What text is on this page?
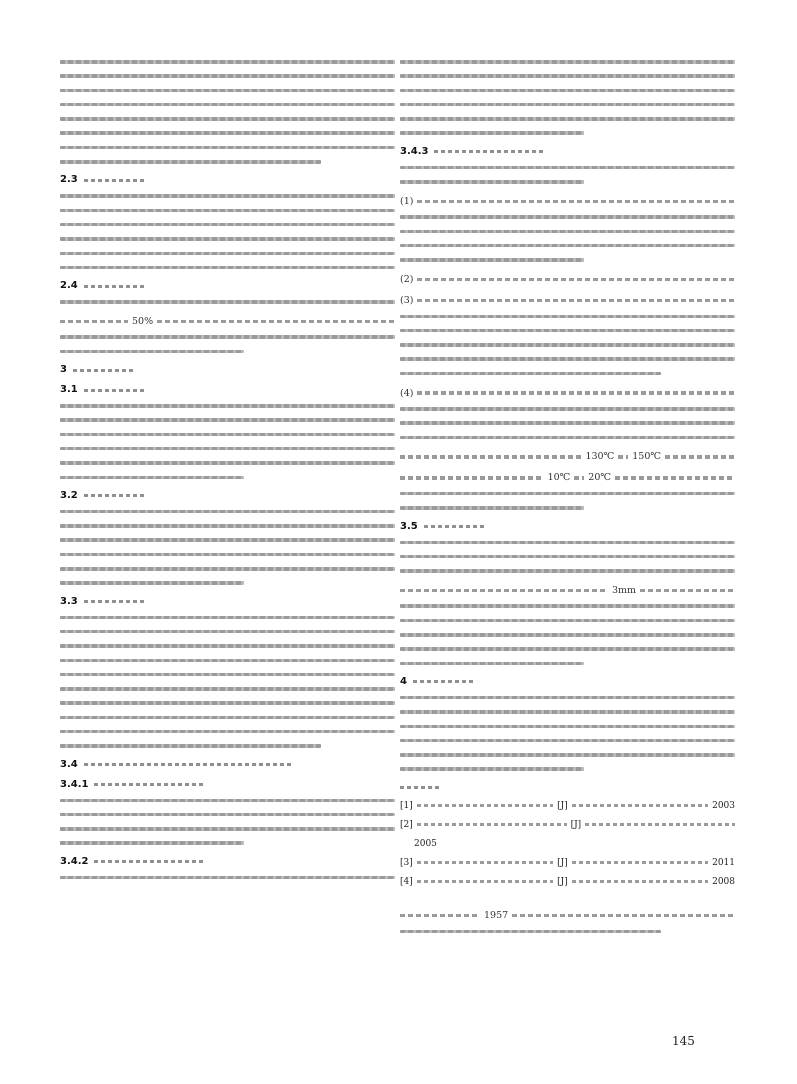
2.3
2.4
50%
3
3.1
3.2
3.3
3.4
3.4.1
3.4.2
3.4.3
(1)
(2)
(3)
(4)
130℃ 150℃
10℃ 20℃
3.5
3mm
4
[1]	[J]	2003
[2]	[J]
2005
[3]	[J]	2011
[4]	[J]	2008
1957
145
